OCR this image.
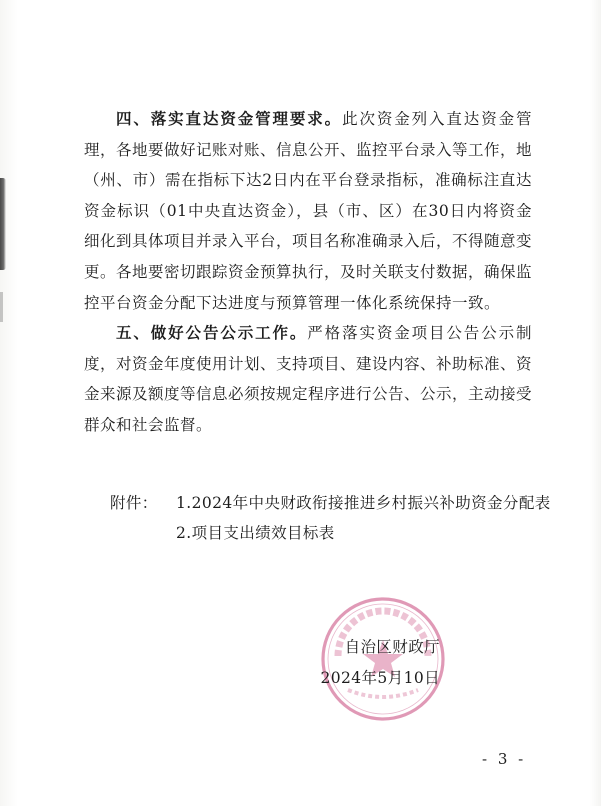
四、落实直达资金管理要求。此次资金列入直达资金管理，各地要做好记账对账、信息公开、监控平台录入等工作，地（州、市）需在指标下达2日内在平台登录指标，准确标注直达资金标识（01中央直达资金），县（市、区）在30日内将资金细化到具体项目并录入平台，项目名称准确录入后，不得随意变更。各地要密切跟踪资金预算执行，及时关联支付数据，确保监控平台资金分配下达进度与预算管理一体化系统保持一致。

五、做好公告公示工作。严格落实资金项目公告公示制度，对资金年度使用计划、支持项目、建设内容、补助标准、资金来源及额度等信息必须按规定程序进行公告、公示，主动接受群众和社会监督。

附件：	1.2024年中央财政衔接推进乡村振兴补助资金分配表
2.项目支出绩效目标表
自治区财政厅
2024年5月10日
- 3 -
